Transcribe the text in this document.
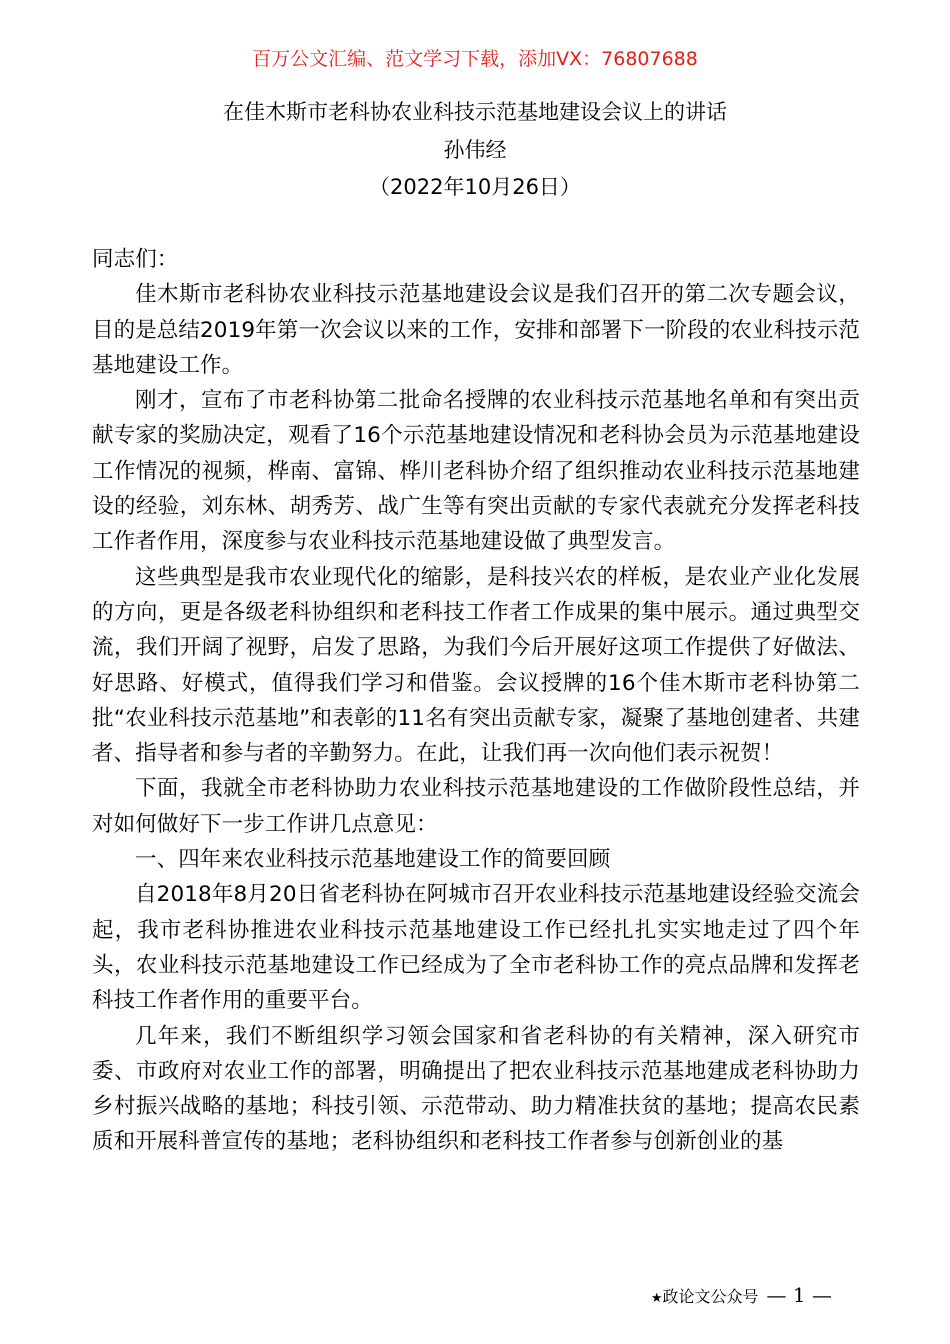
百万公文汇编、范文学习下载，添加VX：76807688
在佳木斯市老科协农业科技示范基地建设会议上的讲话
孙伟经
（2022年10月26日）

同志们：

佳木斯市老科协农业科技示范基地建设会议是我们召开的第二次专题会议，目的是总结2019年第一次会议以来的工作，安排和部署下一阶段的农业科技示范基地建设工作。

刚才，宣布了市老科协第二批命名授牌的农业科技示范基地名单和有突出贡献专家的奖励决定，观看了16个示范基地建设情况和老科协会员为示范基地建设工作情况的视频，桦南、富锦、桦川老科协介绍了组织推动农业科技示范基地建设的经验，刘东林、胡秀芳、战广生等有突出贡献的专家代表就充分发挥老科技工作者作用，深度参与农业科技示范基地建设做了典型发言。

这些典型是我市农业现代化的缩影，是科技兴农的样板，是农业产业化发展的方向，更是各级老科协组织和老科技工作者工作成果的集中展示。通过典型交流，我们开阔了视野，启发了思路，为我们今后开展好这项工作提供了好做法、好思路、好模式，值得我们学习和借鉴。会议授牌的16个佳木斯市老科协第二批“农业科技示范基地”和表彰的11名有突出贡献专家，凝聚了基地创建者、共建者、指导者和参与者的辛勤努力。在此，让我们再一次向他们表示祝贺！

下面，我就全市老科协助力农业科技示范基地建设的工作做阶段性总结，并对如何做好下一步工作讲几点意见：

一、四年来农业科技示范基地建设工作的简要回顾

自2018年8月20日省老科协在阿城市召开农业科技示范基地建设经验交流会起，我市老科协推进农业科技示范基地建设工作已经扎扎实实地走过了四个年头，农业科技示范基地建设工作已经成为了全市老科协工作的亮点品牌和发挥老科技工作者作用的重要平台。

几年来，我们不断组织学习领会国家和省老科协的有关精神，深入研究市委、市政府对农业工作的部署，明确提出了把农业科技示范基地建成老科协助力乡村振兴战略的基地；科技引领、示范带动、助力精准扶贫的基地；提高农民素质和开展科普宣传的基地；老科协组织和老科技工作者参与创新创业的基

★政论文公众号 — 1 —
